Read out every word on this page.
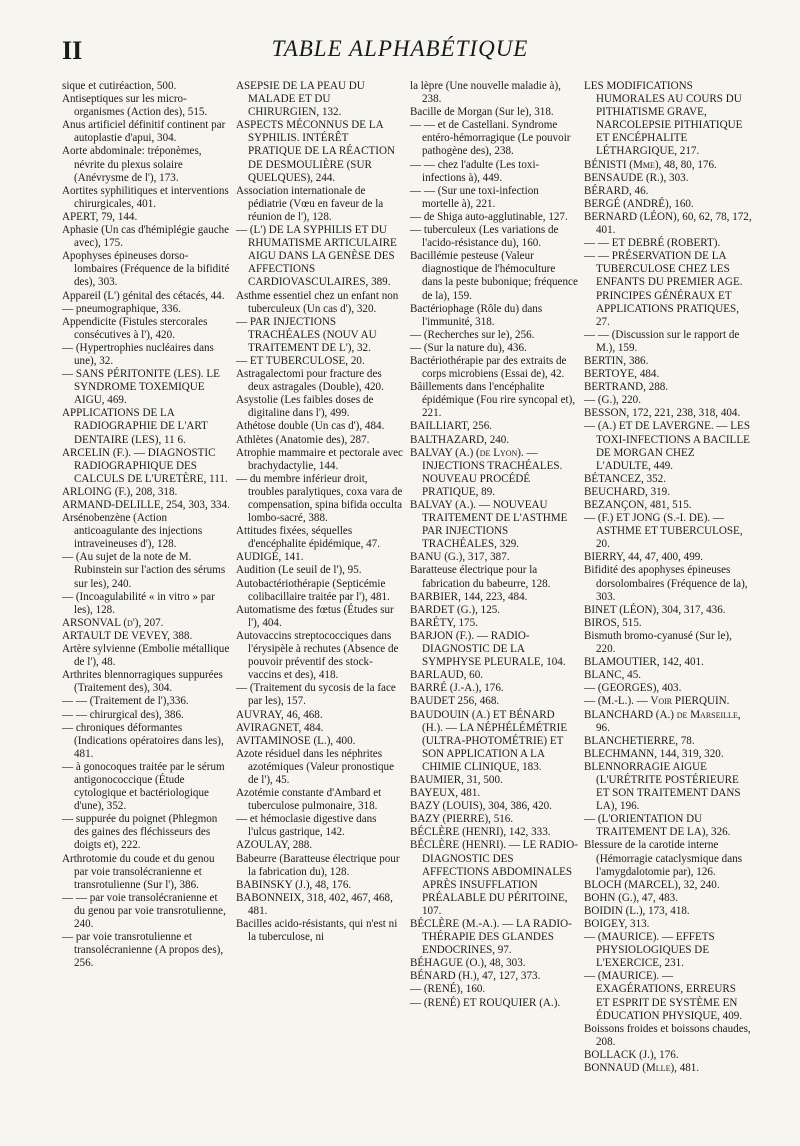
II	TABLE ALPHABÉTIQUE

sique et cutiréaction, 500.

Antiseptiques sur les micro-organismes (Action des), 515.

Anus artificiel définitif continent par autoplastie d'apui, 304.

Aorte abdominale: tréponèmes, névrite du plexus solaire (Anévrysme de l'), 173.

Aortites syphilitiques et interventions chirurgicales, 401.

APERT, 79, 144.

Aphasie (Un cas d'hémiplégie gauche avec), 175.

Apophyses épineuses dorso-lombaires (Fréquence de la bifidité des), 303.

Appareil (L') génital des cétacés, 44.

— pneumographique, 336.

Appendicite (Fistules stercorales consécutives à l'), 420.

— (Hypertrophies nucléaires dans une), 32.

— SANS PÉRITONITE (LES). LE SYNDROME TOXEMIQUE AIGU, 469.

APPLICATIONS DE LA RADIOGRAPHIE DE L'ART DENTAIRE (LES), 11 6.

ARCELIN (F.). — DIAGNOSTIC RADIOGRAPHIQUE DES CALCULS DE L'URETÈRE, 111.

ARLOING (F.), 208, 318.

ARMAND-DELILLE, 254, 303, 334.

Arsénobenzène (Action anticoagulante des injections intraveineuses d'), 128.

— (Au sujet de la note de M. Rubinstein sur l'action des sérums sur les), 240.

— (Incoagulabilité « in vitro » par les), 128.

ARSONVAL (d'), 207.

ARTAULT DE VEVEY, 388.

Artère sylvienne (Embolie métallique de l'), 48.

Arthrites blennorragiques suppurées (Traitement des), 304.

— — (Traitement de l'),336.

— — chirurgical des), 386.

— chroniques déformantes (Indications opératoires dans les), 481.

— à gonocoques traitée par le sérum antigonococcique (Étude cytologique et bactériologique d'une), 352.

— suppurée du poignet (Phlegmon des gaines des fléchisseurs des doigts et), 222.

Arthrotomie du coude et du genou par voie transolécranienne et transrotulienne (Sur l'), 386.

— — par voie transolécranienne et du genou par voie transrotulienne, 240.

— par voie transrotulienne et transolécranienne (A propos des), 256.

ASEPSIE DE LA PEAU DU MALADE ET DU CHIRURGIEN, 132.

ASPECTS MÉCONNUS DE LA SYPHILIS. INTÉRÊT PRATIQUE DE LA RÉACTION DE DESMOULIÈRE (SUR QUELQUES), 244.

Association internationale de pédiatrie (Vœu en faveur de la réunion de l'), 128.

— (L') DE LA SYPHILIS ET DU RHUMATISME ARTICULAIRE AIGU DANS LA GENÈSE DES AFFECTIONS CARDIOVASCULAIRES, 389.

Asthme essentiel chez un enfant non tuberculeux (Un cas d'), 320.

— PAR INJECTIONS TRACHÉALES (NOUV AU TRAITEMENT DE L'), 32.

— ET TUBERCULOSE, 20.

Astragalectomi pour fracture des deux astragales (Double), 420.

Asystolie (Les faibles doses de digitaline dans l'), 499.

Athétose double (Un cas d'), 484.

Athlètes (Anatomie des), 287.

Atrophie mammaire et pectorale avec brachydactylie, 144.

— du membre inférieur droit, troubles paralytiques, coxa vara de compensation, spina bifida occulta lombo-sacré, 388.

Attitudes fixées, séquelles d'encéphalite épidémique, 47.

AUDIGÉ, 141.

Audition (Le seuil de l'), 95.

Autobactériothérapie (Septicémie colibacillaire traitée par l'), 481.

Automatisme des fœtus (Études sur l'), 404.

Autovaccins streptococciques dans l'érysipèle à rechutes (Absence de pouvoir préventif des stock-vaccins et des), 418.

— (Traitement du sycosis de la face par les), 157.

AUVRAY, 46, 468.

AVIRAGNET, 484.

AVITAMINOSE (L.), 400.

Azote résiduel dans les néphrites azotémiques (Valeur pronostique de l'), 45.

Azotémie constante d'Ambard et tuberculose pulmonaire, 318.

— et hémoclasie digestive dans l'ulcus gastrique, 142.

AZOULAY, 288.

Babeurre (Baratteuse électrique pour la fabrication du), 128.

BABINSKY (J.), 48, 176.

BABONNEIX, 318, 402, 467, 468, 481.

Bacilles acido-résistants, qui n'est ni la tuberculose, ni

la lèpre (Une nouvelle maladie à), 238.

Bacille de Morgan (Sur le), 318.

— — et de Castellani. Syndrome entéro-hémorragique (Le pouvoir pathogène des), 238.

— — chez l'adulte (Les toxi-infections à), 449.

— — (Sur une toxi-infection mortelle à), 221.

— de Shiga auto-agglutinable, 127.

— tuberculeux (Les variations de l'acido-résistance du), 160.

Bacillémie pesteuse (Valeur diagnostique de l'hémoculture dans la peste bubonique; fréquence de la), 159.

Bactériophage (Rôle du) dans l'immunité, 318.

— (Recherches sur le), 256.

— (Sur la nature du), 436.

Bactériothérapie par des extraits de corps microbiens (Essai de), 42.

Bâillements dans l'encéphalite épidémique (Fou rire syncopal et), 221.

BAILLIART, 256.

BALTHAZARD, 240.

BALVAY (A.) (de Lyon). — INJECTIONS TRACHÉALES. NOUVEAU PROCÉDÉ PRATIQUE, 89.

BALVAY (A.). — NOUVEAU TRAITEMENT DE L'ASTHME PAR INJECTIONS TRACHÉALES, 329.

BANU (G.), 317, 387.

Baratteuse électrique pour la fabrication du babeurre, 128.

BARBIER, 144, 223, 484.

BARDET (G.), 125.

BARÉTY, 175.

BARJON (F.). — RADIO-DIAGNOSTIC DE LA SYMPHYSE PLEURALE, 104.

BARLAUD, 60.

BARRÉ (J.-A.), 176.

BAUDET 256, 468.

BAUDOUIN (A.) ET BÉNARD (H.). — LA NÉPHÉLÉMÉTRIE (ULTRA-PHOTOMÉTRIE) ET SON APPLICATION A LA CHIMIE CLINIQUE, 183.

BAUMIER, 31, 500.

BAYEUX, 481.

BAZY (LOUIS), 304, 386, 420.

BAZY (PIERRE), 516.

BÉCLÈRE (HENRI), 142, 333.

BÉCLÈRE (HENRI). — LE RADIO-DIAGNOSTIC DES AFFECTIONS ABDOMINALES APRÈS INSUFFLATION PRÉALABLE DU PÉRITOINE, 107.

BÉCLÈRE (M.-A.). — LA RADIO-THÉRAPIE DES GLANDES ENDOCRINES, 97.

BÉHAGUE (O.), 48, 303.

BÉNARD (H.), 47, 127, 373.

— (RENÉ), 160.

— (RENÉ) ET ROUQUIER (A.).

LES MODIFICATIONS HUMORALES AU COURS DU PITHIATISME GRAVE, NARCOLEPSIE PITHIATIQUE ET ENCÉPHALITE LÉTHARGIQUE, 217.

BÉNISTI (Mme), 48, 80, 176.

BENSAUDE (R.), 303.

BÉRARD, 46.

BERGÉ (ANDRÉ), 160.

BERNARD (LÉON), 60, 62, 78, 172, 401.

— — ET DEBRÉ (ROBERT).

— — PRÉSERVATION DE LA TUBERCULOSE CHEZ LES ENFANTS DU PREMIER AGE. PRINCIPES GÉNÉRAUX ET APPLICATIONS PRATIQUES, 27.

— — (Discussion sur le rapport de M.), 159.

BERTIN, 386.

BERTOYE, 484.

BERTRAND, 288.

— (G.), 220.

BESSON, 172, 221, 238, 318, 404.

— (A.) ET DE LAVERGNE. — LES TOXI-INFECTIONS A BACILLE DE MORGAN CHEZ L'ADULTE, 449.

BÉTANCEZ, 352.

BEUCHARD, 319.

BEZANÇON, 481, 515.

— (F.) ET JONG (S.-I. DE). — ASTHME ET TUBERCULOSE, 20.

BIERRY, 44, 47, 400, 499.

Bifidité des apophyses épineuses dorsolombaires (Fréquence de la), 303.

BINET (LÉON), 304, 317, 436.

BIROS, 515.

Bismuth bromo-cyanusé (Sur le), 220.

BLAMOUTIER, 142, 401.

BLANC, 45.

— (GEORGES), 403.

— (M.-L.). — Voir PIERQUIN.

BLANCHARD (A.) de Marseille, 96.

BLANCHETIERRE, 78.

BLECHMANN, 144, 319, 320.

BLENNORRAGIE AIGUE (L'URÉTRITE POSTÉRIEURE ET SON TRAITEMENT DANS LA), 196.

— (L'ORIENTATION DU TRAITEMENT DE LA), 326.

Blessure de la carotide interne (Hémorragie cataclysmique dans l'amygdalotomie par), 126.

BLOCH (MARCEL), 32, 240.

BOHN (G.), 47, 483.

BOIDIN (L.), 173, 418.

BOIGEY, 313.

— (MAURICE). — EFFETS PHYSIOLOGIQUES DE L'EXERCICE, 231.

— (MAURICE). — EXAGÉRATIONS, ERREURS ET ESPRIT DE SYSTÈME EN ÉDUCATION PHYSIQUE, 409.

Boissons froides et boissons chaudes, 208.

BOLLACK (J.), 176.

BONNAUD (Mlle), 481.
